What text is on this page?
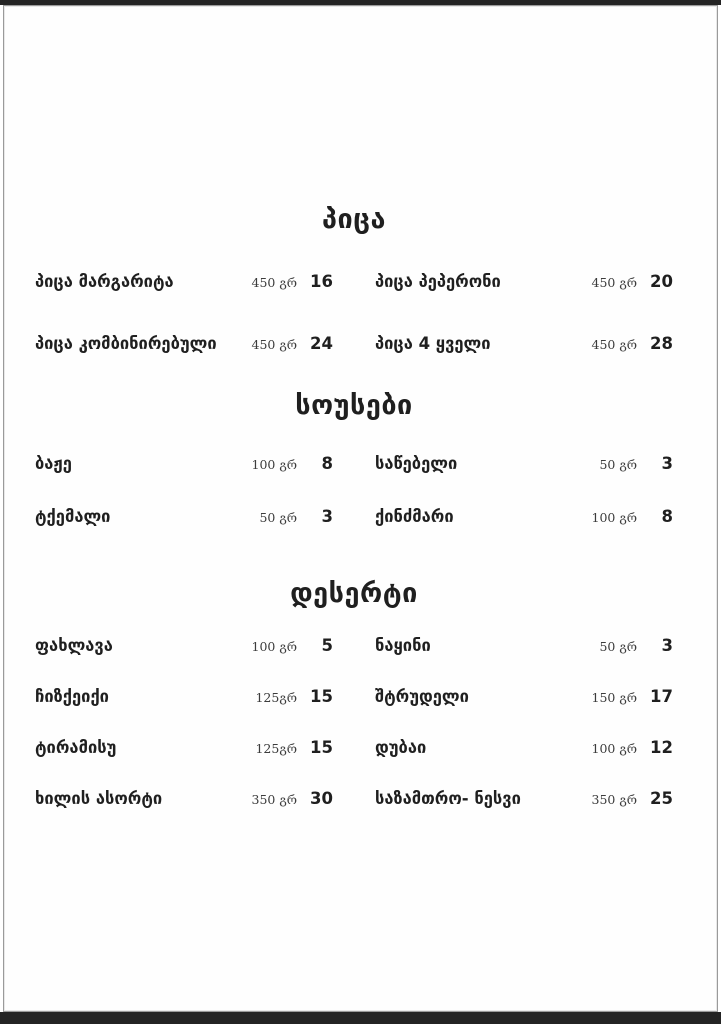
პიცა
პიცა მარგარიტა	450 გრ 16	პიცა პეპერონი	450 გრ 20
პიცა კომბინირებული	450 გრ 24	პიცა 4 ყველი	450 გრ 28
სოუსები
ბაჟე	100 გრ	8	საწებელი	50 გრ	3
ტქემალი	50 გრ	3	ქინძმარი	100 გრ	8
დესერტი
ფახლავა	100 გრ	5	ნაყინი	50 გრ	3
ჩიზქეიქი	125გრ 15	შტრუდელი	150 გრ 17
ტირამისუ	125გრ 15	დუბაი	100 გრ 12
ხილის ასორტი	350 გრ 30	საზამთრო- ნესვი	350 გრ 25
